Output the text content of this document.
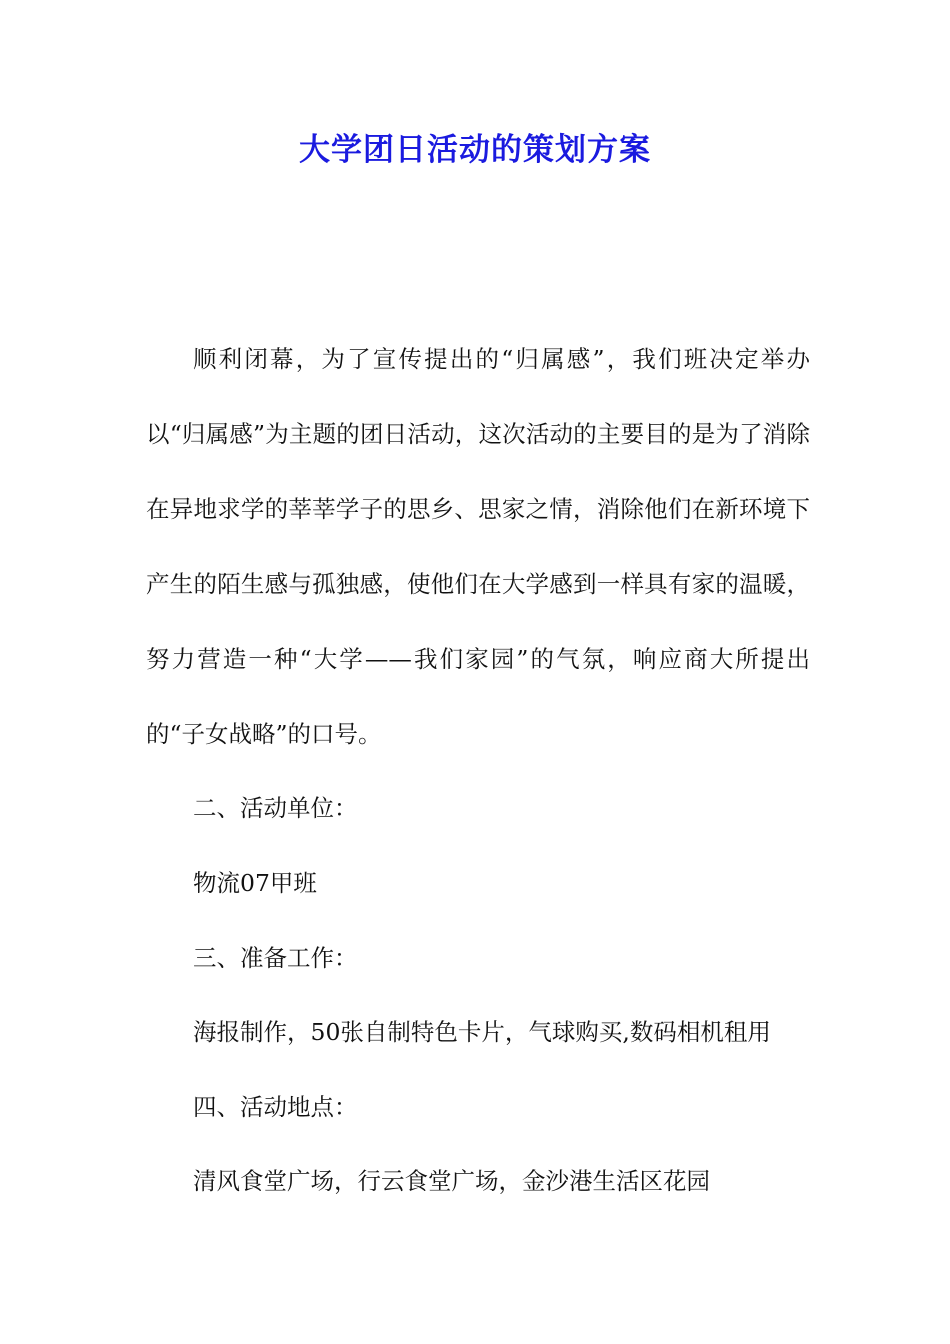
大学团日活动的策划方案
顺利闭幕，为了宣传提出的“归属感”，我们班决定举办以“归属感”为主题的团日活动，这次活动的主要目的是为了消除在异地求学的莘莘学子的思乡、思家之情，消除他们在新环境下产生的陌生感与孤独感，使他们在大学感到一样具有家的温暖，努力营造一种“大学——我们家园”的气氛，响应商大所提出的“子女战略”的口号。
二、活动单位：
物流07甲班
三、准备工作：
海报制作，50张自制特色卡片，气球购买,数码相机租用
四、活动地点：
清风食堂广场，行云食堂广场，金沙港生活区花园
